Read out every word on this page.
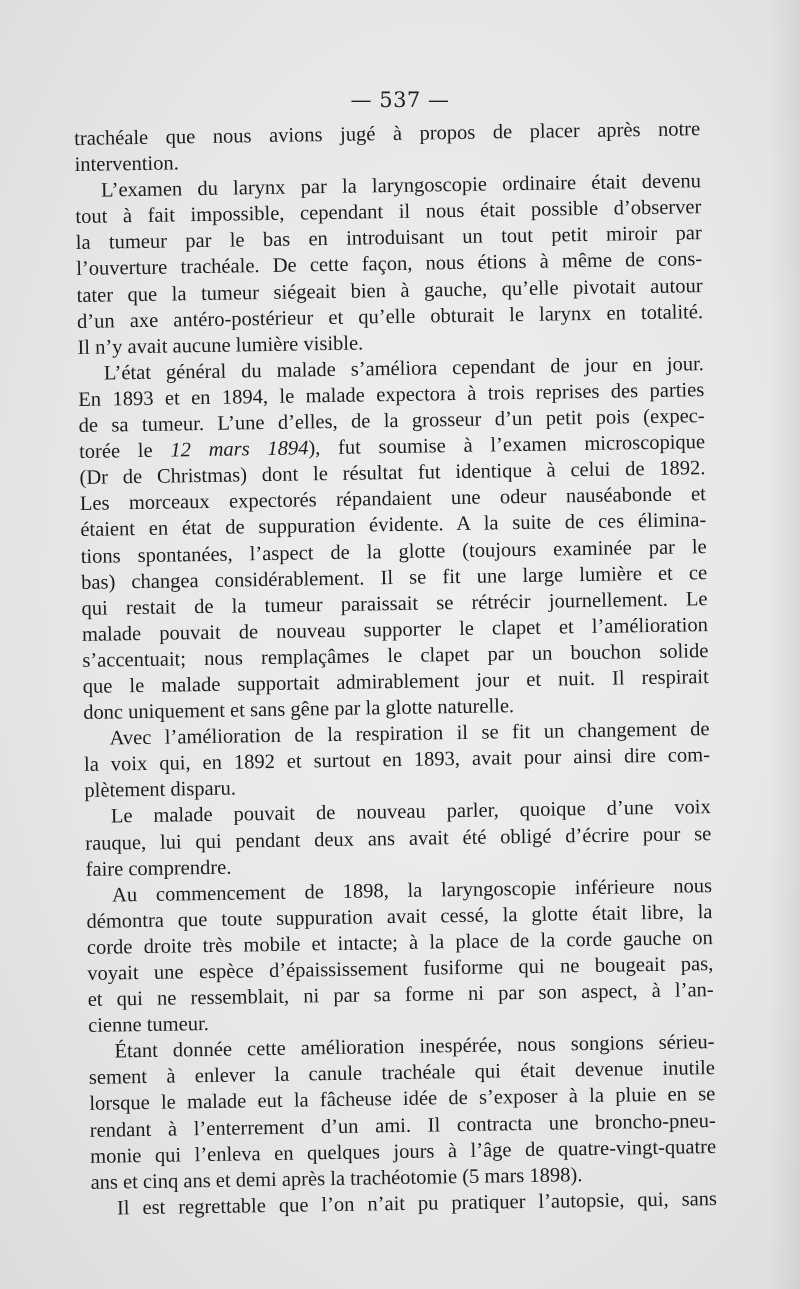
— 537 —
trachéale que nous avions jugé à propos de placer après notre
intervention.
L’examen du larynx par la laryngoscopie ordinaire était devenu
tout à fait impossible, cependant il nous était possible d’observer
la tumeur par le bas en introduisant un tout petit miroir par
l’ouverture trachéale. De cette façon, nous étions à même de cons-
tater que la tumeur siégeait bien à gauche, qu’elle pivotait autour
d’un axe antéro-postérieur et qu’elle obturait le larynx en totalité.
Il n’y avait aucune lumière visible.
L’état général du malade s’améliora cependant de jour en jour.
En 1893 et en 1894, le malade expectora à trois reprises des parties
de sa tumeur. L’une d’elles, de la grosseur d’un petit pois (expec-
torée le 12 mars 1894), fut soumise à l’examen microscopique
(Dr de Christmas) dont le résultat fut identique à celui de 1892.
Les morceaux expectorés répandaient une odeur nauséabonde et
étaient en état de suppuration évidente. A la suite de ces élimina-
tions spontanées, l’aspect de la glotte (toujours examinée par le
bas) changea considérablement. Il se fit une large lumière et ce
qui restait de la tumeur paraissait se rétrécir journellement. Le
malade pouvait de nouveau supporter le clapet et l’amélioration
s’accentuait; nous remplaçâmes le clapet par un bouchon solide
que le malade supportait admirablement jour et nuit. Il respirait
donc uniquement et sans gêne par la glotte naturelle.
Avec l’amélioration de la respiration il se fit un changement de
la voix qui, en 1892 et surtout en 1893, avait pour ainsi dire com-
plètement disparu.
Le malade pouvait de nouveau parler, quoique d’une voix
rauque, lui qui pendant deux ans avait été obligé d’écrire pour se
faire comprendre.
Au commencement de 1898, la laryngoscopie inférieure nous
démontra que toute suppuration avait cessé, la glotte était libre, la
corde droite très mobile et intacte; à la place de la corde gauche on
voyait une espèce d’épaississement fusiforme qui ne bougeait pas,
et qui ne ressemblait, ni par sa forme ni par son aspect, à l’an-
cienne tumeur.
Étant donnée cette amélioration inespérée, nous songions sérieu-
sement à enlever la canule trachéale qui était devenue inutile
lorsque le malade eut la fâcheuse idée de s’exposer à la pluie en se
rendant à l’enterrement d’un ami. Il contracta une broncho-pneu-
monie qui l’enleva en quelques jours à l’âge de quatre-vingt-quatre
ans et cinq ans et demi après la trachéotomie (5 mars 1898).
Il est regrettable que l’on n’ait pu pratiquer l’autopsie, qui, sans
